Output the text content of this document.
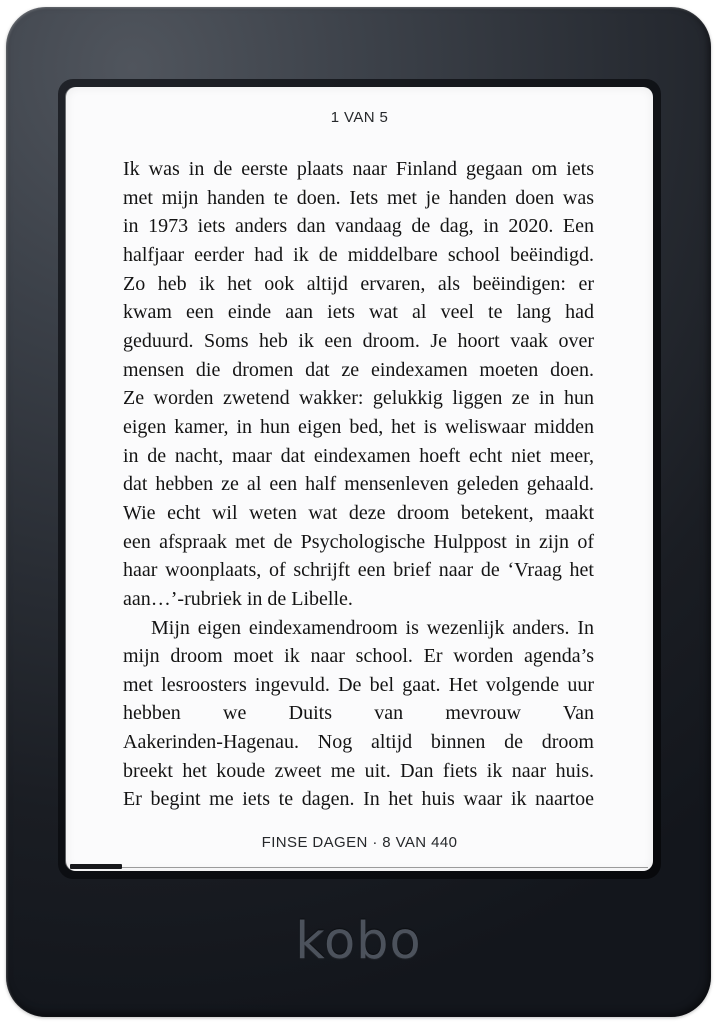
1 VAN 5
Ik was in de eerste plaats naar Finland gegaan om iets
met mijn handen te doen. Iets met je handen doen was
in 1973 iets anders dan vandaag de dag, in 2020. Een
halfjaar eerder had ik de middelbare school beëindigd.
Zo heb ik het ook altijd ervaren, als beëindigen: er
kwam een einde aan iets wat al veel te lang had
geduurd. Soms heb ik een droom. Je hoort vaak over
mensen die dromen dat ze eindexamen moeten doen.
Ze worden zwetend wakker: gelukkig liggen ze in hun
eigen kamer, in hun eigen bed, het is weliswaar midden
in de nacht, maar dat eindexamen hoeft echt niet meer,
dat hebben ze al een half mensenleven geleden gehaald.
Wie echt wil weten wat deze droom betekent, maakt
een afspraak met de Psychologische Hulppost in zijn of
haar woonplaats, of schrijft een brief naar de ‘Vraag het
aan…’-rubriek in de Libelle.
Mijn eigen eindexamendroom is wezenlijk anders. In
mijn droom moet ik naar school. Er worden agenda’s
met lesroosters ingevuld. De bel gaat. Het volgende uur
hebben we Duits van mevrouw Van
Aakerinden-Hagenau. Nog altijd binnen de droom
breekt het koude zweet me uit. Dan fiets ik naar huis.
Er begint me iets te dagen. In het huis waar ik naartoe
FINSE DAGEN · 8 VAN 440
kobo
